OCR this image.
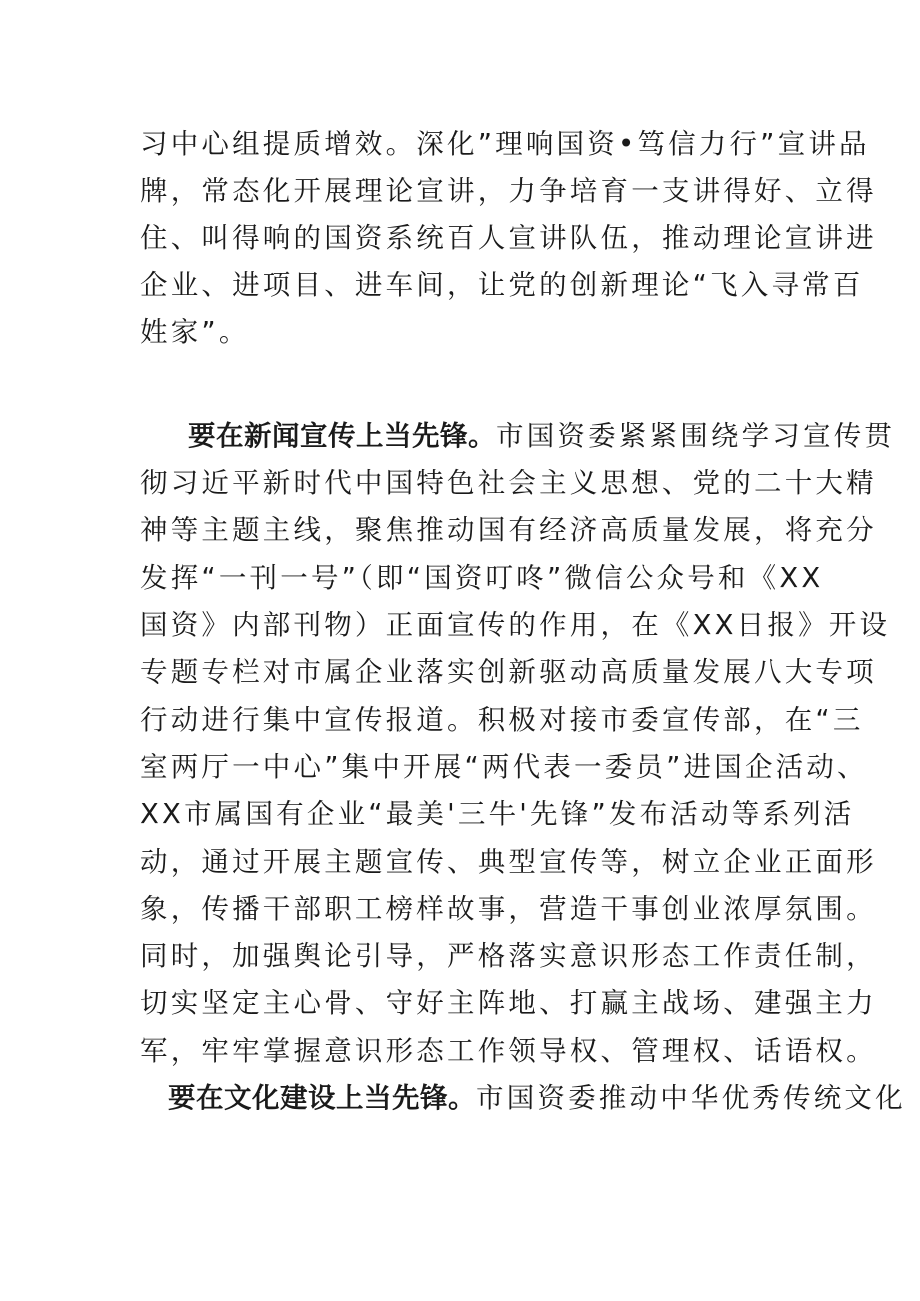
习中心组提质增效。深化”理响国资•笃信力行”宣讲品

牌，常态化开展理论宣讲，力争培育一支讲得好、立得

住、叫得响的国资系统百人宣讲队伍，推动理论宣讲进

企业、进项目、进车间，让党的创新理论“飞入寻常百

姓家”。

要在新闻宣传上当先锋。市国资委紧紧围绕学习宣传贯

彻习近平新时代中国特色社会主义思想、党的二十大精

神等主题主线，聚焦推动国有经济高质量发展，将充分

发挥“一刊一号”（即“国资叮咚”微信公众号和《XX

国资》内部刊物）正面宣传的作用，在《XX日报》开设

专题专栏对市属企业落实创新驱动高质量发展八大专项

行动进行集中宣传报道。积极对接市委宣传部，在“三

室两厅一中心”集中开展“两代表一委员”进国企活动、

XX市属国有企业“最美'三牛'先锋”发布活动等系列活

动，通过开展主题宣传、典型宣传等，树立企业正面形

象，传播干部职工榜样故事，营造干事创业浓厚氛围。

同时，加强舆论引导，严格落实意识形态工作责任制，

切实坚定主心骨、守好主阵地、打赢主战场、建强主力

军，牢牢掌握意识形态工作领导权、管理权、话语权。

要在文化建设上当先锋。市国资委推动中华优秀传统文化
